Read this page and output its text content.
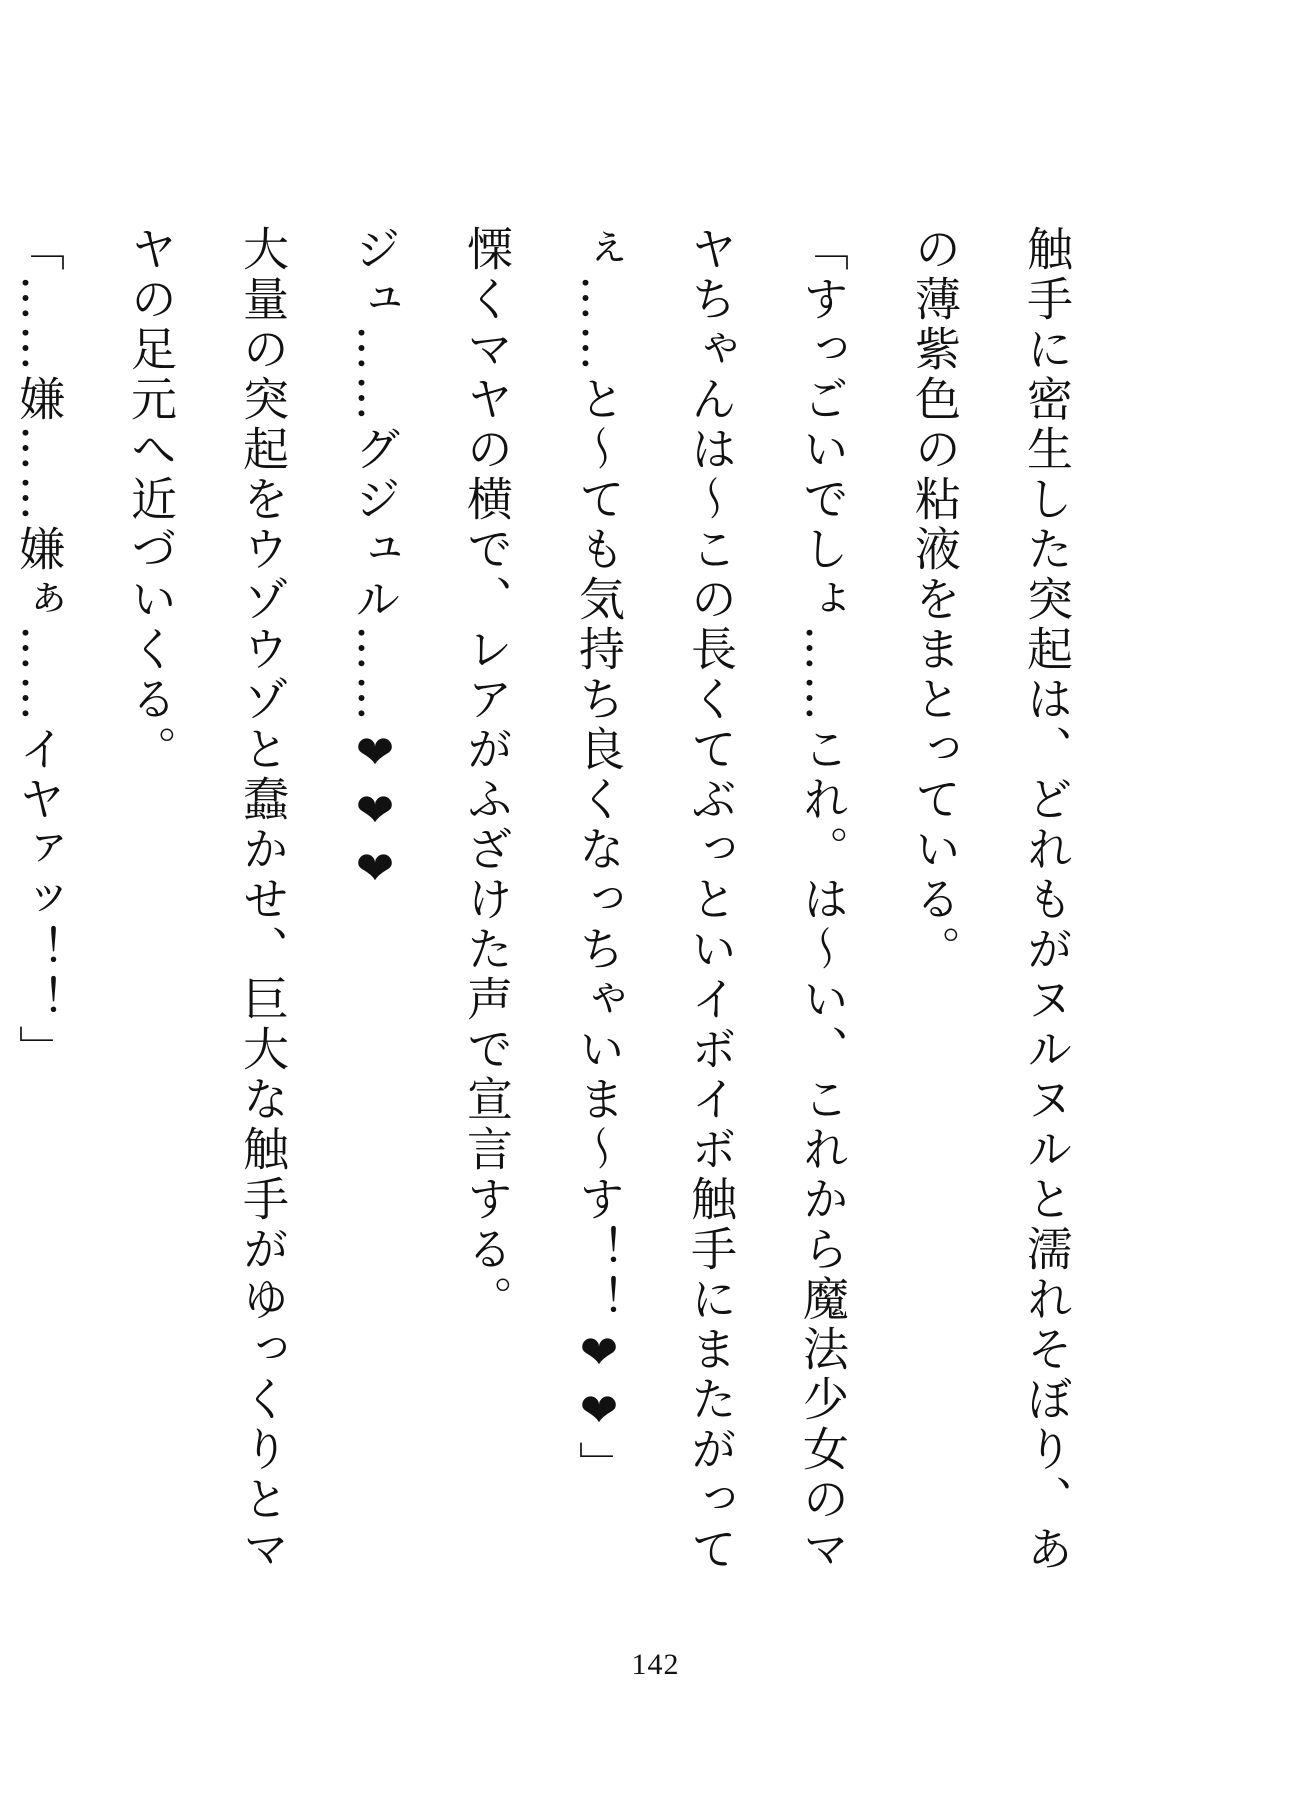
触手に密生した突起は、どれもがヌルヌルと濡れそぼり、あの薄紫色の粘液をまとっている。

「すっごいでしょ……これ。は～い、これから魔法少女のマヤちゃんは～この長くてぶっといイボイボ触手にまたがってぇ……と～ても気持ち良くなっちゃいま～す！！❤❤」

慄くマヤの横で、レアがふざけた声で宣言する。

ジュ……グジュル……❤❤❤

大量の突起をウゾウゾと蠢かせ、巨大な触手がゆっくりとマヤの足元へ近づいくる。

「……嫌……嫌ぁ……イヤァッ！！」

142
